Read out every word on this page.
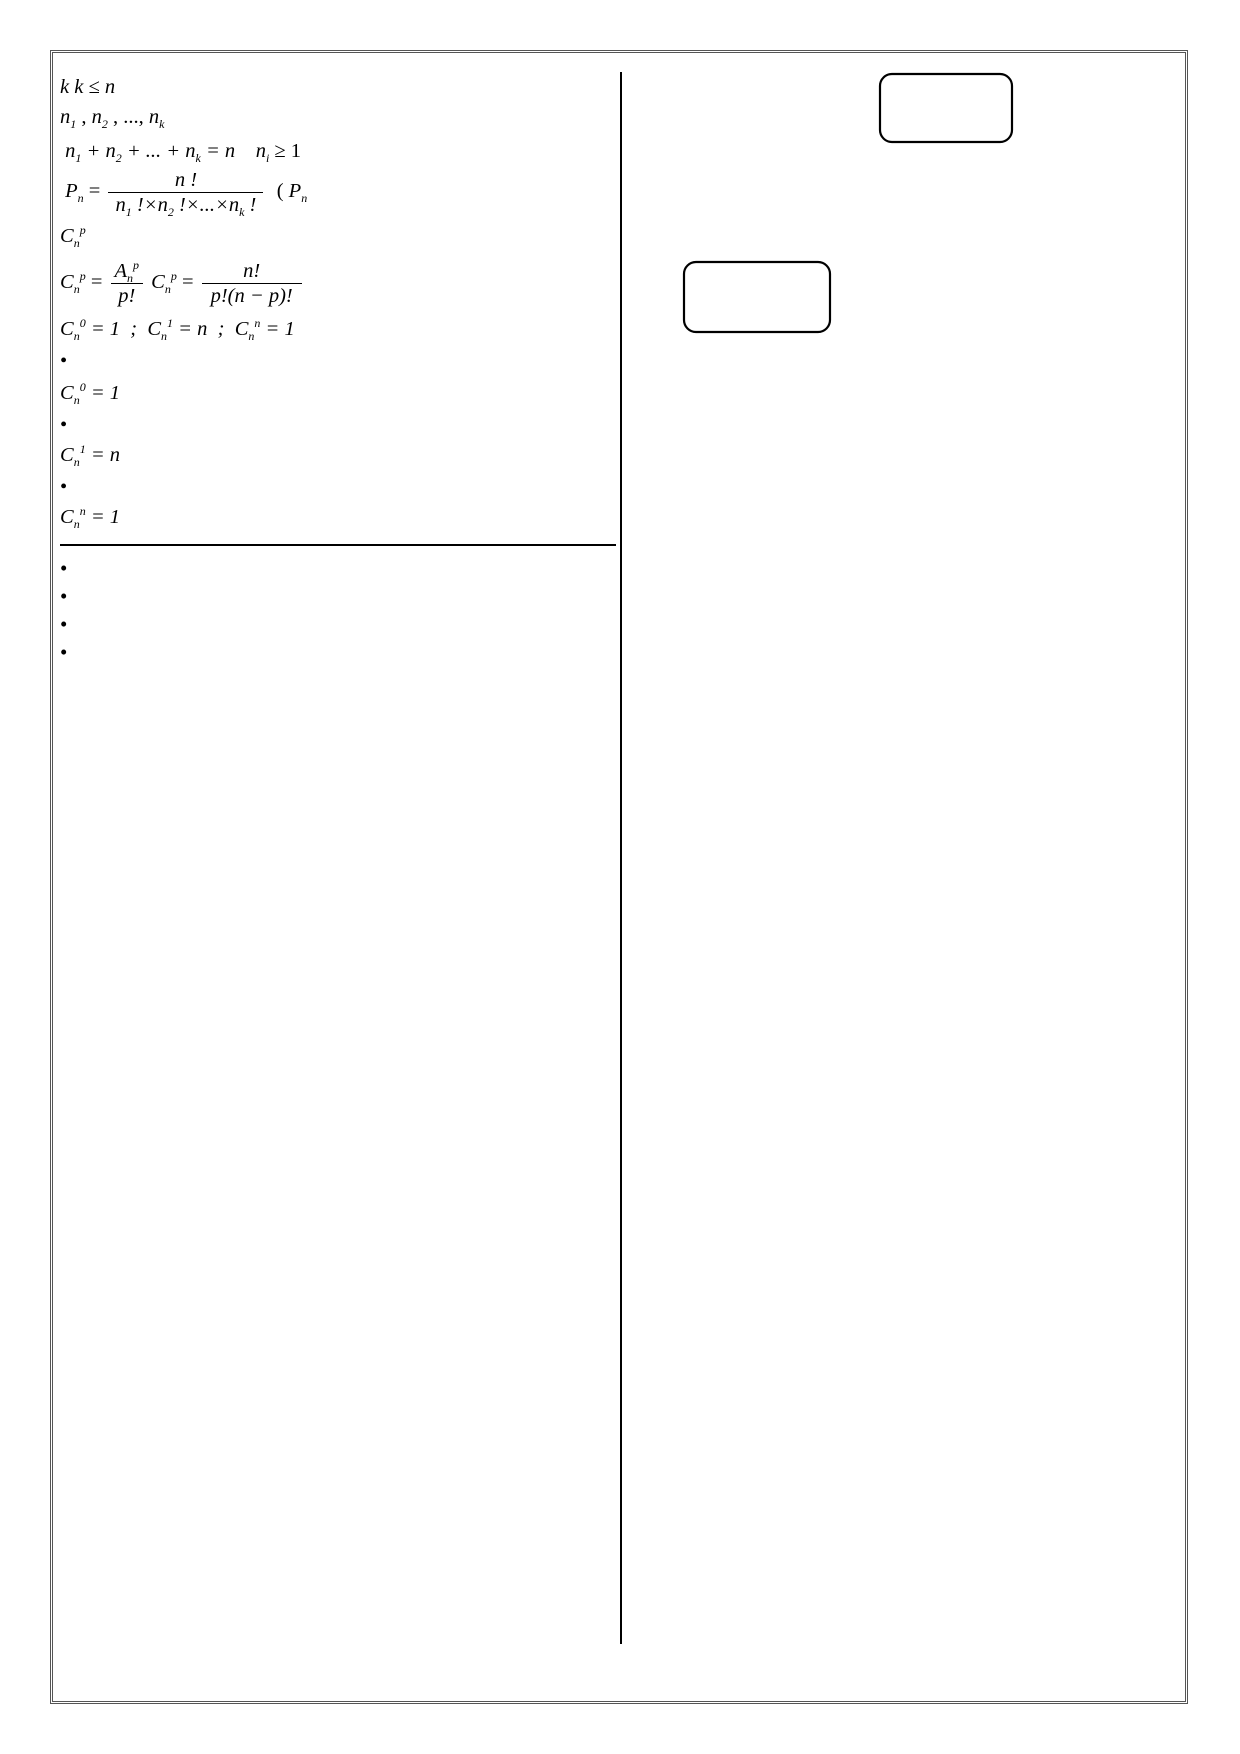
k k ≤ n
$n_1$ , $n_2$ , ..., $n_k$
$n_1 + n_2$ + ... + $n_k = n$ $n_i \ge 1$
$P_n = \frac{n !}{n_1 !\times n_2 !\times...\times n_k !}$ ( $P_n$
$C_n^p$
$C_n^p = \frac{A_n^p}{p!} C_n^p = \frac{n!}{p!(n - p)!}$
$C_n^0 = 1$  ;  $C_n^1 = n$  ;  $C_n^n = 1$
•
$C_n^0 = 1$
•
$C_n^1 = n$
•
$C_n^n = 1$
•
•
•
•
